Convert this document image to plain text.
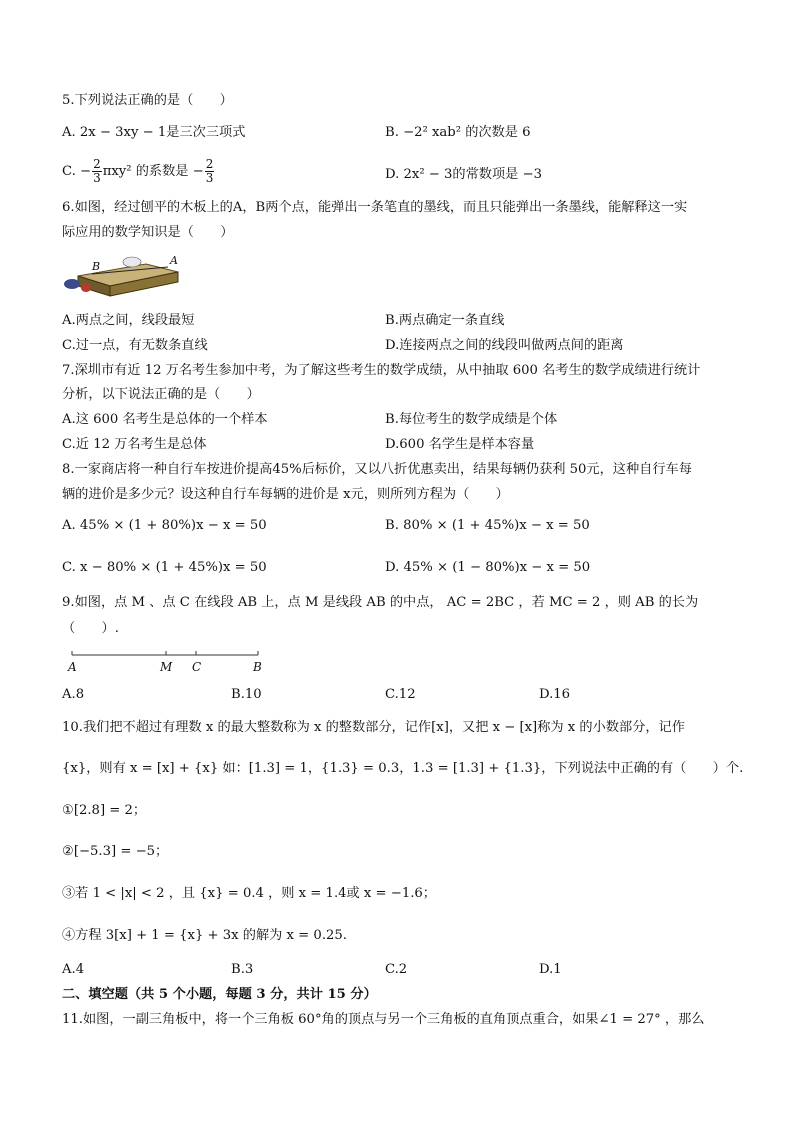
5.下列说法正确的是（　　）
A. 2x − 3xy − 1是三次三项式	B. −2² xab² 的次数是 6
C. − $\frac{2}{3} \pi xy^2$ 的系数是 − $\frac{2}{3}$	D. 2x² − 3的常数项是 −3
6.如图，经过刨平的木板上的A，B两个点，能弹出一条笔直的墨线，而且只能弹出一条墨线，能解释这一实
际应用的数学知识是（　　）
B	A
A.两点之间，线段最短	B.两点确定一条直线
C.过一点，有无数条直线	D.连接两点之间的线段叫做两点间的距离
7.深圳市有近 12 万名考生参加中考，为了解这些考生的数学成绩，从中抽取 600 名考生的数学成绩进行统计
分析，以下说法正确的是（　　）
A.这 600 名考生是总体的一个样本	B.每位考生的数学成绩是个体
C.近 12 万名考生是总体	D.600 名学生是样本容量
8.一家商店将一种自行车按进价提高45%后标价，又以八折优惠卖出，结果每辆仍获利 50元，这种自行车每
辆的进价是多少元？设这种自行车每辆的进价是 x元，则所列方程为（　　）
A. 45% × (1 + 80%)x − x = 50	B. 80% × (1 + 45%)x − x = 50
C. x − 80% × (1 + 45%)x = 50	D. 45% × (1 − 80%)x − x = 50
9.如图，点 M 、点 C 在线段 AB 上，点 M 是线段 AB 的中点， AC = 2BC ，若 MC = 2 ，则 AB 的长为
（　　）.
A	M C	B
A.8	B.10	C.12	D.16
10.我们把不超过有理数 x 的最大整数称为 x 的整数部分，记作[x]，又把 x − [x]称为 x 的小数部分，记作
{x}，则有 x = [x] + {x} 如：[1.3] = 1，{1.3} = 0.3，1.3 = [1.3] + {1.3}，下列说法中正确的有（　　）个.
①[2.8] = 2；
②[−5.3] = −5；
③若 1 < |x| < 2 ，且 {x} = 0.4 ，则 x = 1.4或 x = −1.6；
④方程 3[x] + 1 = {x} + 3x 的解为 x = 0.25.
A.4	B.3	C.2	D.1
二、填空题（共 5 个小题，每题 3 分，共计 15 分）
11.如图，一副三角板中，将一个三角板 60°角的顶点与另一个三角板的直角顶点重合，如果∠1 = 27° ，那么
